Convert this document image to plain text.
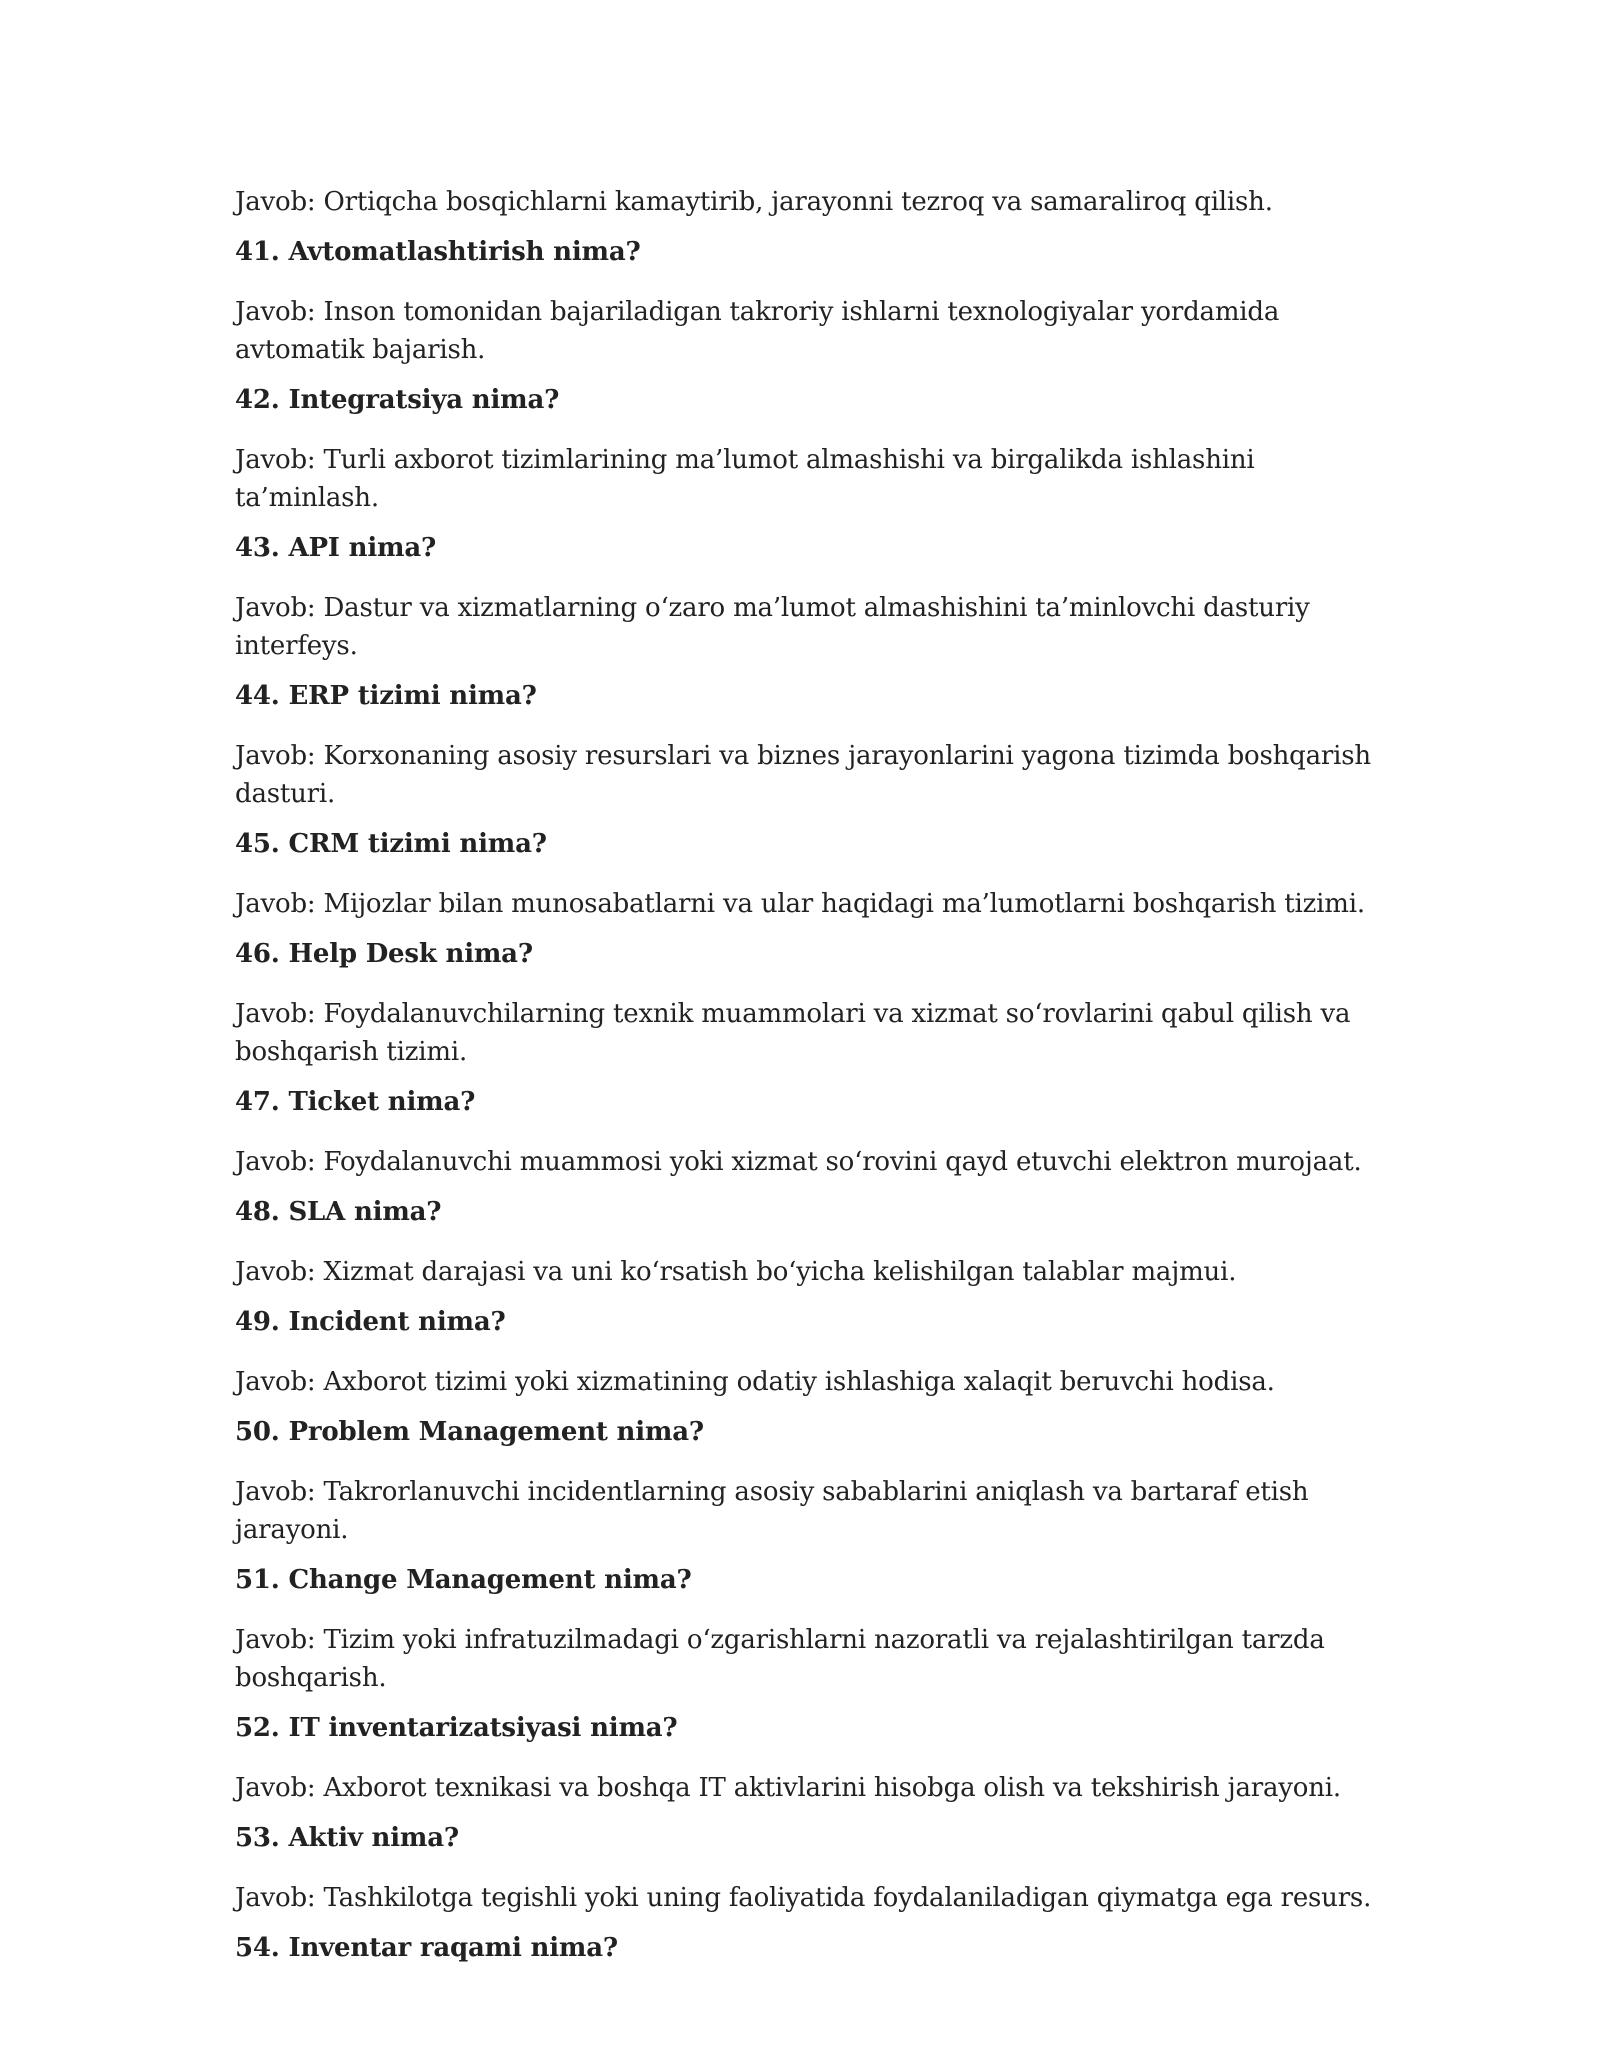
Javob: Ortiqcha bosqichlarni kamaytirib, jarayonni tezroq va samaraliroq qilish.

41. Avtomatlashtirish nima?

Javob: Inson tomonidan bajariladigan takroriy ishlarni texnologiyalar yordamida avtomatik bajarish.

42. Integratsiya nima?

Javob: Turli axborot tizimlarining ma’lumot almashishi va birgalikda ishlashini ta’minlash.

43. API nima?

Javob: Dastur va xizmatlarning o‘zaro ma’lumot almashishini ta’minlovchi dasturiy interfeys.

44. ERP tizimi nima?

Javob: Korxonaning asosiy resurslari va biznes jarayonlarini yagona tizimda boshqarish dasturi.

45. CRM tizimi nima?

Javob: Mijozlar bilan munosabatlarni va ular haqidagi ma’lumotlarni boshqarish tizimi.

46. Help Desk nima?

Javob: Foydalanuvchilarning texnik muammolari va xizmat so‘rovlarini qabul qilish va boshqarish tizimi.

47. Ticket nima?

Javob: Foydalanuvchi muammosi yoki xizmat so‘rovini qayd etuvchi elektron murojaat.

48. SLA nima?

Javob: Xizmat darajasi va uni ko‘rsatish bo‘yicha kelishilgan talablar majmui.

49. Incident nima?

Javob: Axborot tizimi yoki xizmatining odatiy ishlashiga xalaqit beruvchi hodisa.

50. Problem Management nima?

Javob: Takrorlanuvchi incidentlarning asosiy sabablarini aniqlash va bartaraf etish jarayoni.

51. Change Management nima?

Javob: Tizim yoki infratuzilmadagi o‘zgarishlarni nazoratli va rejalashtirilgan tarzda boshqarish.

52. IT inventarizatsiyasi nima?

Javob: Axborot texnikasi va boshqa IT aktivlarini hisobga olish va tekshirish jarayoni.

53. Aktiv nima?

Javob: Tashkilotga tegishli yoki uning faoliyatida foydalaniladigan qiymatga ega resurs.

54. Inventar raqami nima?
